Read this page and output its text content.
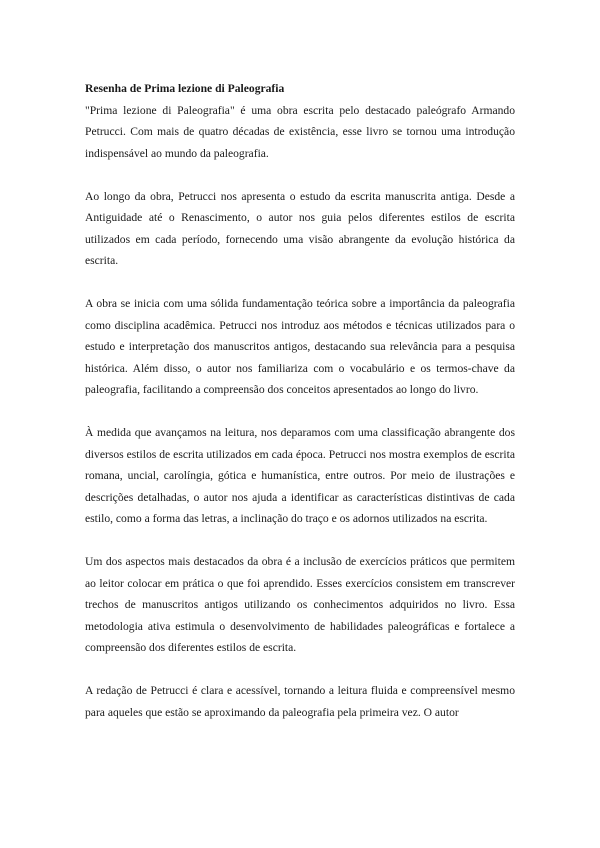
Resenha de Prima lezione di Paleografia

"Prima lezione di Paleografia" é uma obra escrita pelo destacado paleógrafo Armando Petrucci. Com mais de quatro décadas de existência, esse livro se tornou uma introdução indispensável ao mundo da paleografia.

Ao longo da obra, Petrucci nos apresenta o estudo da escrita manuscrita antiga. Desde a Antiguidade até o Renascimento, o autor nos guia pelos diferentes estilos de escrita utilizados em cada período, fornecendo uma visão abrangente da evolução histórica da escrita.

A obra se inicia com uma sólida fundamentação teórica sobre a importância da paleografia como disciplina acadêmica. Petrucci nos introduz aos métodos e técnicas utilizados para o estudo e interpretação dos manuscritos antigos, destacando sua relevância para a pesquisa histórica. Além disso, o autor nos familiariza com o vocabulário e os termos-chave da paleografia, facilitando a compreensão dos conceitos apresentados ao longo do livro.

À medida que avançamos na leitura, nos deparamos com uma classificação abrangente dos diversos estilos de escrita utilizados em cada época. Petrucci nos mostra exemplos de escrita romana, uncial, carolíngia, gótica e humanística, entre outros. Por meio de ilustrações e descrições detalhadas, o autor nos ajuda a identificar as características distintivas de cada estilo, como a forma das letras, a inclinação do traço e os adornos utilizados na escrita.

Um dos aspectos mais destacados da obra é a inclusão de exercícios práticos que permitem ao leitor colocar em prática o que foi aprendido. Esses exercícios consistem em transcrever trechos de manuscritos antigos utilizando os conhecimentos adquiridos no livro. Essa metodologia ativa estimula o desenvolvimento de habilidades paleográficas e fortalece a compreensão dos diferentes estilos de escrita.

A redação de Petrucci é clara e acessível, tornando a leitura fluida e compreensível mesmo para aqueles que estão se aproximando da paleografia pela primeira vez. O autor
